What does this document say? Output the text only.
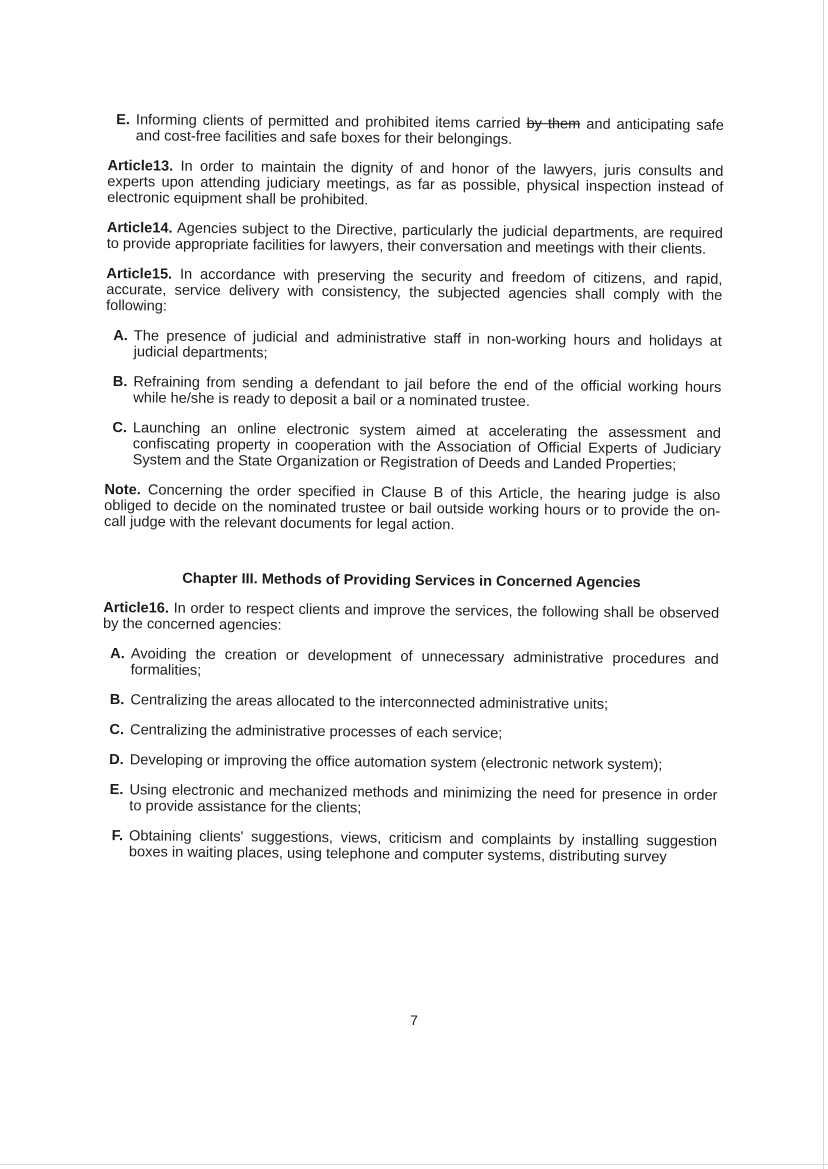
E. Informing clients of permitted and prohibited items carried by them and anticipating safe and cost-free facilities and safe boxes for their belongings.

Article13. In order to maintain the dignity of and honor of the lawyers, juris consults and experts upon attending judiciary meetings, as far as possible, physical inspection instead of electronic equipment shall be prohibited.

Article14. Agencies subject to the Directive, particularly the judicial departments, are required to provide appropriate facilities for lawyers, their conversation and meetings with their clients.

Article15. In accordance with preserving the security and freedom of citizens, and rapid, accurate, service delivery with consistency, the subjected agencies shall comply with the following:

A. The presence of judicial and administrative staff in non-working hours and holidays at judicial departments;
B. Refraining from sending a defendant to jail before the end of the official working hours while he/she is ready to deposit a bail or a nominated trustee.
C. Launching an online electronic system aimed at accelerating the assessment and confiscating property in cooperation with the Association of Official Experts of Judiciary System and the State Organization or Registration of Deeds and Landed Properties;

Note. Concerning the order specified in Clause B of this Article, the hearing judge is also obliged to decide on the nominated trustee or bail outside working hours or to provide the on-call judge with the relevant documents for legal action.

Chapter III. Methods of Providing Services in Concerned Agencies

Article16. In order to respect clients and improve the services, the following shall be observed by the concerned agencies:

A. Avoiding the creation or development of unnecessary administrative procedures and formalities;
B. Centralizing the areas allocated to the interconnected administrative units;
C. Centralizing the administrative processes of each service;
D. Developing or improving the office automation system (electronic network system);
E. Using electronic and mechanized methods and minimizing the need for presence in order to provide assistance for the clients;
F. Obtaining clients' suggestions, views, criticism and complaints by installing suggestion boxes in waiting places, using telephone and computer systems, distributing survey
7
